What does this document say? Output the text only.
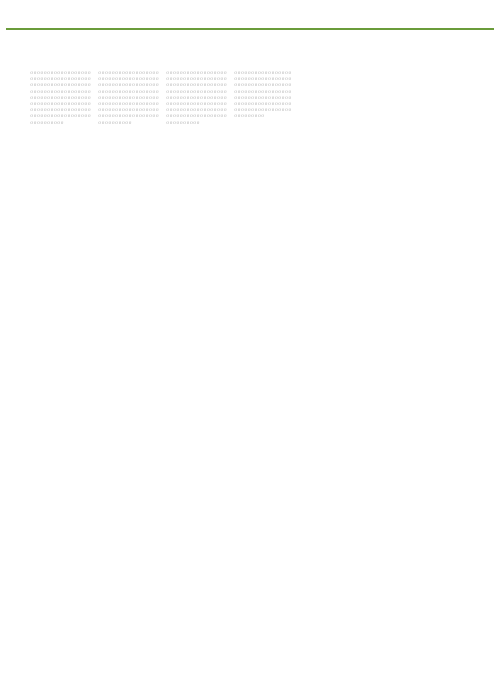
ㅁㅁㅁㅁㅁㅁㅁㅁㅁㅁㅁㅁㅁㅁㅁㅁㅁㅁㅁㅁㅁㅁㅁㅁㅁㅁㅁㅁㅁㅁㅁㅁㅁㅁㅁㅁㅁㅁㅁㅁㅁㅁㅁㅁㅁㅁㅁㅁㅁㅁㅁㅁㅁㅁㅁㅁㅁㅁㅁㅁㅁㅁㅁㅁㅁㅁㅁㅁㅁㅁㅁㅁㅁㅁㅁㅁㅁㅁㅁㅁㅁㅁㅁㅁㅁㅁㅁㅁㅁㅁㅁㅁㅁㅁㅁㅁㅁㅁㅁㅁㅁㅁㅁㅁㅁㅁㅁㅁㅁㅁㅁㅁㅁㅁㅁㅁㅁㅁㅁㅁㅁㅁㅁㅁㅁㅁㅁㅁㅁㅁㅁㅁㅁㅁㅁㅁㅁㅁㅁㅁㅁㅁㅁㅁㅁㅁㅁㅁㅁㅁㅁㅁㅁㅁ
ㅁㅁㅁㅁㅁㅁㅁㅁㅁㅁㅁㅁㅁㅁㅁㅁㅁㅁㅁㅁㅁㅁㅁㅁㅁㅁㅁㅁㅁㅁㅁㅁㅁㅁㅁㅁㅁㅁㅁㅁㅁㅁㅁㅁㅁㅁㅁㅁㅁㅁㅁㅁㅁㅁㅁㅁㅁㅁㅁㅁㅁㅁㅁㅁㅁㅁㅁㅁㅁㅁㅁㅁㅁㅁㅁㅁㅁㅁㅁㅁㅁㅁㅁㅁㅁㅁㅁㅁㅁㅁㅁㅁㅁㅁㅁㅁㅁㅁㅁㅁㅁㅁㅁㅁㅁㅁㅁㅁㅁㅁㅁㅁㅁㅁㅁㅁㅁㅁㅁㅁㅁㅁㅁㅁㅁㅁㅁㅁㅁㅁㅁㅁㅁㅁㅁㅁㅁㅁㅁㅁㅁㅁㅁㅁㅁㅁㅁㅁㅁㅁㅁㅁㅁㅁ
ㅁㅁㅁㅁㅁㅁㅁㅁㅁㅁㅁㅁㅁㅁㅁㅁㅁㅁㅁㅁㅁㅁㅁㅁㅁㅁㅁㅁㅁㅁㅁㅁㅁㅁㅁㅁㅁㅁㅁㅁㅁㅁㅁㅁㅁㅁㅁㅁㅁㅁㅁㅁㅁㅁㅁㅁㅁㅁㅁㅁㅁㅁㅁㅁㅁㅁㅁㅁㅁㅁㅁㅁㅁㅁㅁㅁㅁㅁㅁㅁㅁㅁㅁㅁㅁㅁㅁㅁㅁㅁㅁㅁㅁㅁㅁㅁㅁㅁㅁㅁㅁㅁㅁㅁㅁㅁㅁㅁㅁㅁㅁㅁㅁㅁㅁㅁㅁㅁㅁㅁㅁㅁㅁㅁㅁㅁㅁㅁㅁㅁㅁㅁㅁㅁㅁㅁㅁㅁㅁㅁㅁㅁㅁㅁㅁㅁㅁㅁㅁㅁㅁㅁㅁㅁ
ㅁㅁㅁㅁㅁㅁㅁㅁㅁㅁㅁㅁㅁㅁㅁㅁㅁㅁㅁㅁㅁㅁㅁㅁㅁㅁㅁㅁㅁㅁㅁㅁㅁㅁㅁㅁㅁㅁㅁㅁㅁㅁㅁㅁㅁㅁㅁㅁㅁㅁㅁㅁㅁㅁㅁㅁㅁㅁㅁㅁㅁㅁㅁㅁㅁㅁㅁㅁㅁㅁㅁㅁㅁㅁㅁㅁㅁㅁㅁㅁㅁㅁㅁㅁㅁㅁㅁㅁㅁㅁㅁㅁㅁㅁㅁㅁㅁㅁㅁㅁㅁㅁㅁㅁㅁㅁㅁㅁㅁㅁㅁㅁㅁㅁㅁㅁㅁㅁㅁㅁㅁㅁㅁㅁㅁㅁㅁㅁ
